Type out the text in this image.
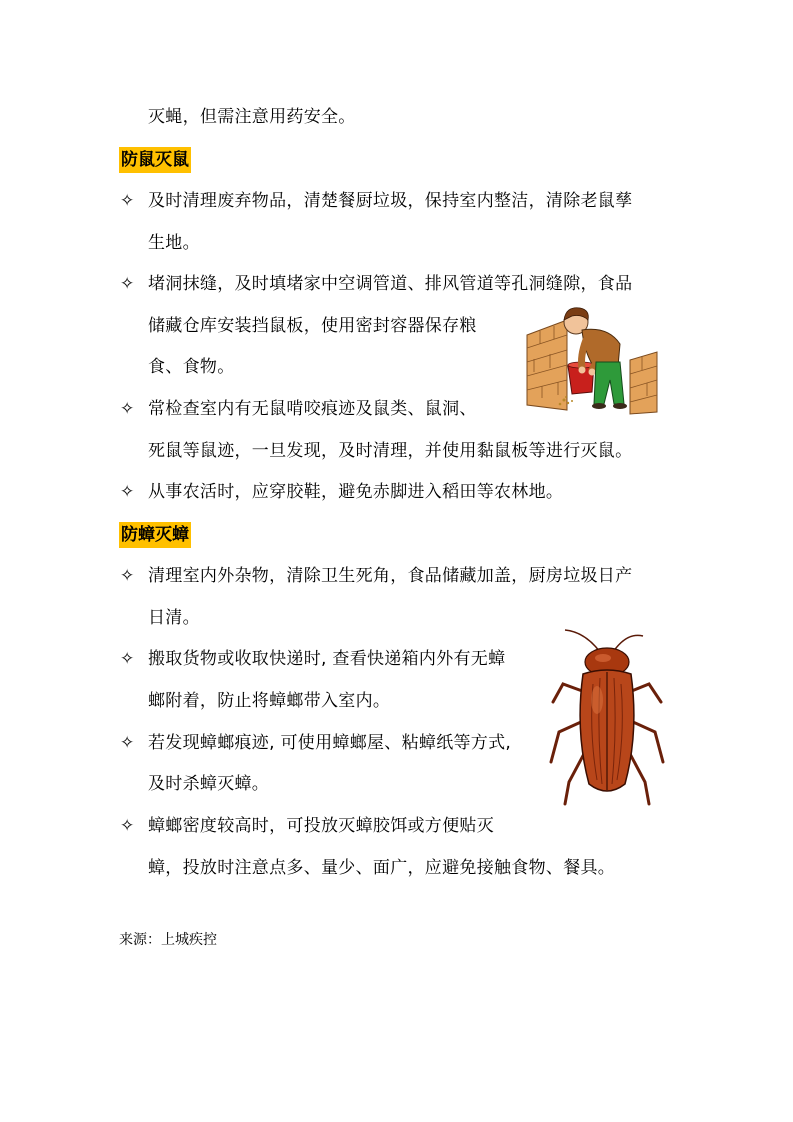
灭蝇，但需注意用药安全。
防鼠灭鼠
✧ 及时清理废弃物品，清楚餐厨垃圾，保持室内整洁，清除老鼠孳
生地。
✧ 堵洞抹缝，及时填堵家中空调管道、排风管道等孔洞缝隙，食品
储藏仓库安装挡鼠板，使用密封容器保存粮
食、食物。
✧ 常检查室内有无鼠啃咬痕迹及鼠类、鼠洞、
死鼠等鼠迹，一旦发现，及时清理，并使用黏鼠板等进行灭鼠。
✧ 从事农活时，应穿胶鞋，避免赤脚进入稻田等农林地。
防蟑灭蟑
✧ 清理室内外杂物，清除卫生死角，食品储藏加盖，厨房垃圾日产
日清。
✧ 搬取货物或收取快递时, 查看快递箱内外有无蟑
螂附着，防止将蟑螂带入室内。
✧ 若发现蟑螂痕迹, 可使用蟑螂屋、粘蟑纸等方式,
及时杀蟑灭蟑。
✧ 蟑螂密度较高时，可投放灭蟑胶饵或方便贴灭
蟑，投放时注意点多、量少、面广，应避免接触食物、餐具。
来源：上城疾控
